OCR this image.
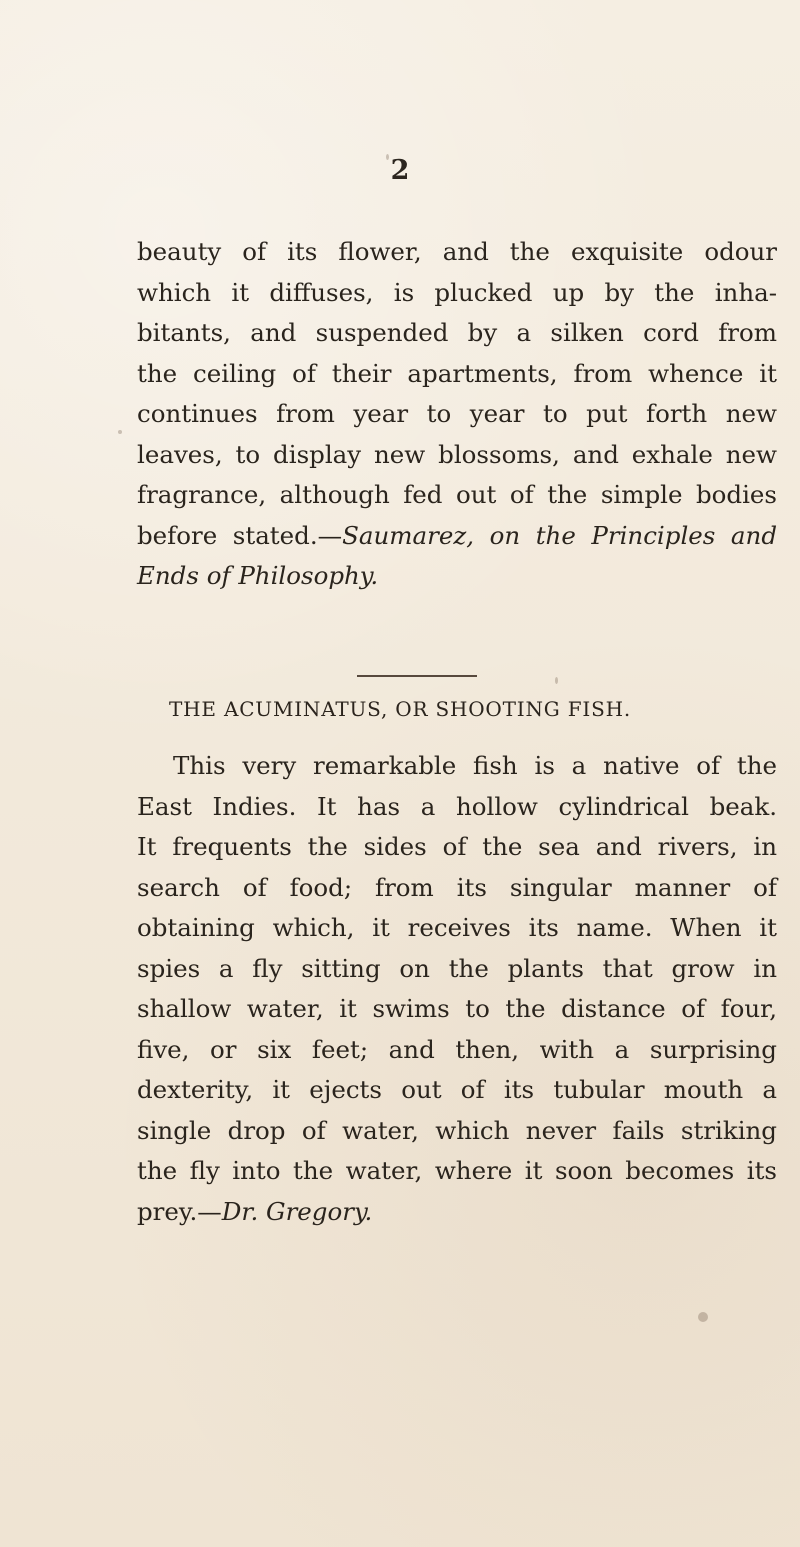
2
beauty of its flower, and the exquisite odour
which it diffuses, is plucked up by the inha-
bitants, and suspended by a silken cord from
the ceiling of their apartments, from whence it
continues from year to year to put forth new
leaves, to display new blossoms, and exhale new
fragrance, although fed out of the simple bodies
before stated.—Saumarez, on the Principles and
Ends of Philosophy.
THE ACUMINATUS, OR SHOOTING FISH.
This very remarkable fish is a native of the
East Indies. It has a hollow cylindrical beak.
It frequents the sides of the sea and rivers, in
search of food; from its singular manner of
obtaining which, it receives its name. When it
spies a fly sitting on the plants that grow in
shallow water, it swims to the distance of four,
five, or six feet; and then, with a surprising
dexterity, it ejects out of its tubular mouth a
single drop of water, which never fails striking
the fly into the water, where it soon becomes its
prey.—Dr. Gregory.
